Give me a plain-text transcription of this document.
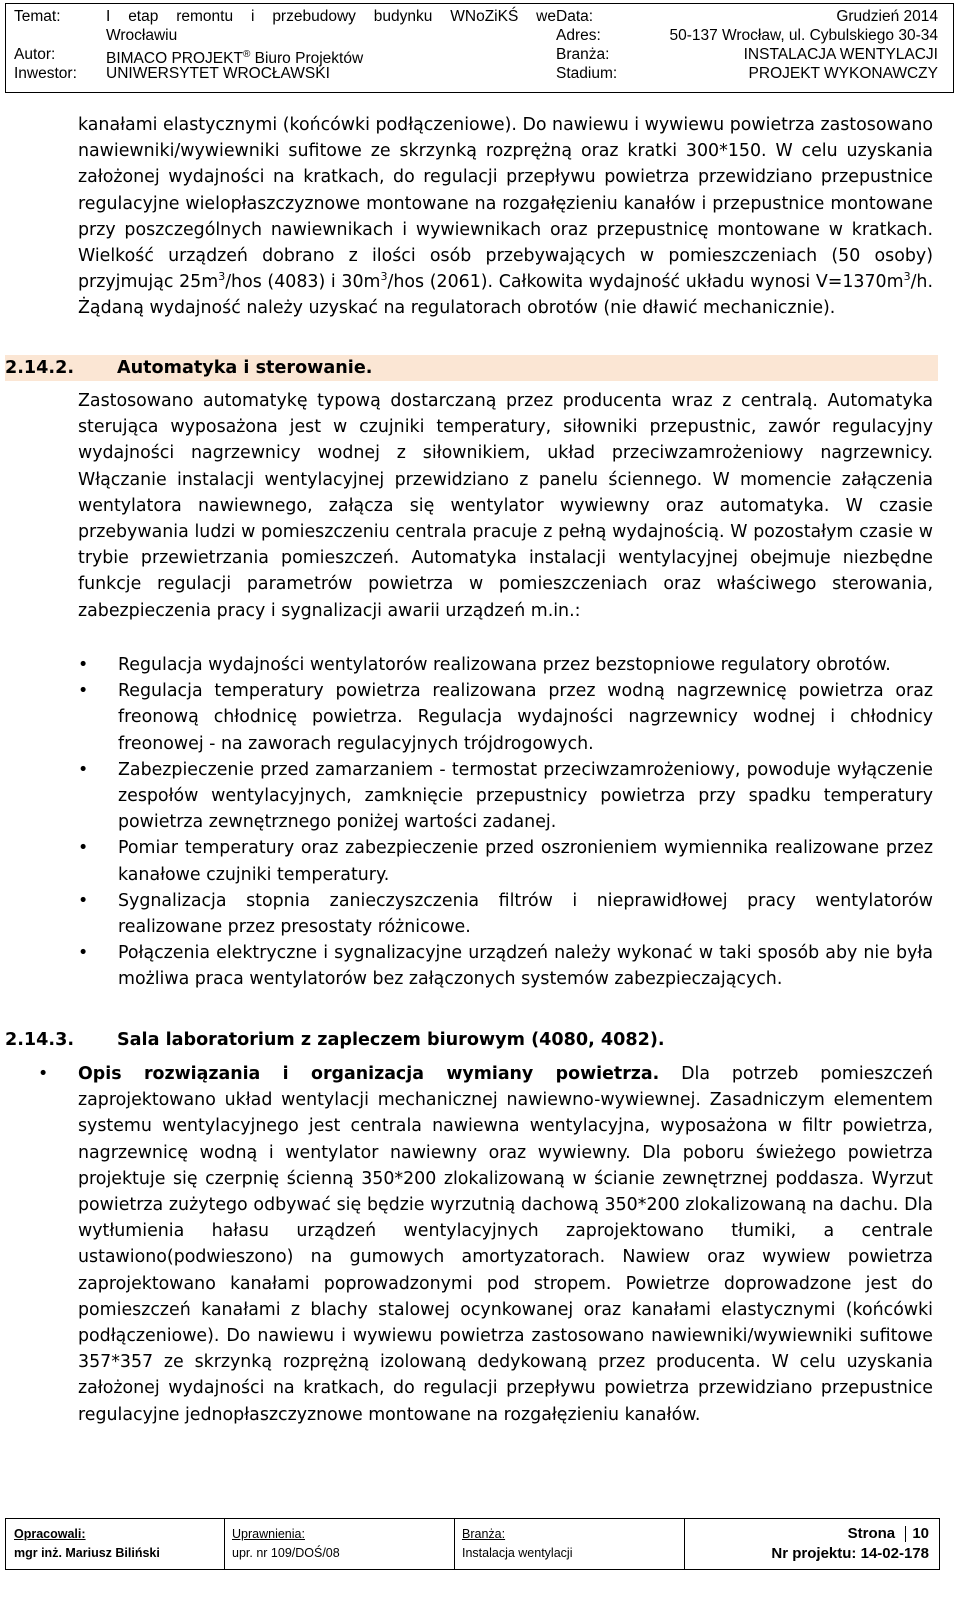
Temat:	I etap remontu i przebudowy budynku WNoZiKŚ we
Wrocławiu
Data:	Grudzień 2014
Adres:	50-137 Wrocław, ul. Cybulskiego 30-34
Autor:	BIMACO PROJEKT® Biuro Projektów	Branża:	INSTALACJA WENTYLACJI
Inwestor: UNIWERSYTET WROCŁAWSKI	Stadium:	PROJEKT WYKONAWCZY
kanałami elastycznymi (końcówki podłączeniowe). Do nawiewu i wywiewu powietrza zastosowano nawiewniki/wywiewniki sufitowe ze skrzynką rozprężną oraz kratki 300*150. W celu uzyskania założonej wydajności na kratkach, do regulacji przepływu powietrza przewidziano przepustnice regulacyjne wielopłaszczyznowe montowane na rozgałęzieniu kanałów i przepustnice montowane przy poszczególnych nawiewnikach i wywiewnikach oraz przepustnicę montowane w kratkach. Wielkość urządzeń dobrano z ilości osób przebywających w pomieszczeniach (50 osoby) przyjmując $25m^3$/hos (4083) i $30m^3$/hos (2061). Całkowita wydajność układu wynosi $V=1370m^3/h$. Żądaną wydajność należy uzyskać na regulatorach obrotów (nie dławić mechanicznie).
2.14.2. Automatyka i sterowanie.
Zastosowano automatykę typową dostarczaną przez producenta wraz z centralą. Automatyka sterująca wyposażona jest w czujniki temperatury, siłowniki przepustnic, zawór regulacyjny wydajności nagrzewnicy wodnej z siłownikiem, układ przeciwzamrożeniowy nagrzewnicy. Włączanie instalacji wentylacyjnej przewidziano z panelu ściennego. W momencie załączenia wentylatora nawiewnego, załącza się wentylator wywiewny oraz automatyka. W czasie przebywania ludzi w pomieszczeniu centrala pracuje z pełną wydajnością. W pozostałym czasie w trybie przewietrzania pomieszczeń. Automatyka instalacji wentylacyjnej obejmuje niezbędne funkcje regulacji parametrów powietrza w pomieszczeniach oraz właściwego sterowania, zabezpieczenia pracy i sygnalizacji awarii urządzeń m.in.:
• Regulacja wydajności wentylatorów realizowana przez bezstopniowe regulatory obrotów.
• Regulacja temperatury powietrza realizowana przez wodną nagrzewnicę powietrza oraz freonową chłodnicę powietrza. Regulacja wydajności nagrzewnicy wodnej i chłodnicy freonowej - na zaworach regulacyjnych trójdrogowych.
• Zabezpieczenie przed zamarzaniem - termostat przeciwzamrożeniowy, powoduje wyłączenie zespołów wentylacyjnych, zamknięcie przepustnicy powietrza przy spadku temperatury powietrza zewnętrznego poniżej wartości zadanej.
• Pomiar temperatury oraz zabezpieczenie przed oszronieniem wymiennika realizowane przez kanałowe czujniki temperatury.
• Sygnalizacja stopnia zanieczyszczenia filtrów i nieprawidłowej pracy wentylatorów realizowane przez presostaty różnicowe.
• Połączenia elektryczne i sygnalizacyjne urządzeń należy wykonać w taki sposób aby nie była możliwa praca wentylatorów bez załączonych systemów zabezpieczających.
2.14.3. Sala laboratorium z zapleczem biurowym (4080, 4082).
• Opis rozwiązania i organizacja wymiany powietrza. Dla potrzeb pomieszczeń zaprojektowano układ wentylacji mechanicznej nawiewno-wywiewnej. Zasadniczym elementem systemu wentylacyjnego jest centrala nawiewna wentylacyjna, wyposażona w filtr powietrza, nagrzewnicę wodną i wentylator nawiewny oraz wywiewny. Dla poboru świeżego powietrza projektuje się czerpnię ścienną 350*200 zlokalizowaną w ścianie zewnętrznej poddasza. Wyrzut powietrza zużytego odbywać się będzie wyrzutnią dachową 350*200 zlokalizowaną na dachu. Dla wytłumienia hałasu urządzeń wentylacyjnych zaprojektowano tłumiki, a centrale ustawiono(podwieszono) na gumowych amortyzatorach. Nawiew oraz wywiew powietrza zaprojektowano kanałami poprowadzonymi pod stropem. Powietrze doprowadzone jest do pomieszczeń kanałami z blachy stalowej ocynkowanej oraz kanałami elastycznymi (końcówki podłączeniowe). Do nawiewu i wywiewu powietrza zastosowano nawiewniki/wywiewniki sufitowe 357*357 ze skrzynką rozprężną izolowaną dedykowaną przez producenta. W celu uzyskania założonej wydajności na kratkach, do regulacji przepływu powietrza przewidziano przepustnice regulacyjne jednopłaszczyznowe montowane na rozgałęzieniu kanałów.
Opracowali:
mgr inż. Mariusz Biliński
Uprawnienia:
upr. nr 109/DOŚ/08
Branża:
Instalacja wentylacji
Strona 10
Nr projektu: 14-02-178
